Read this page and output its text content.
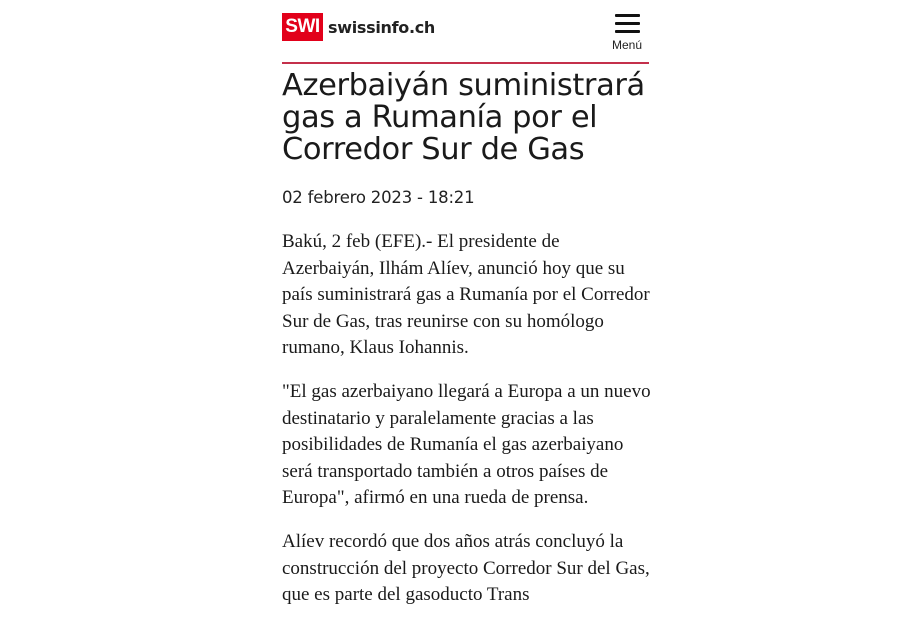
SWI swissinfo.ch
Menú
Azerbaiyán suministrará gas a Rumanía por el Corredor Sur de Gas
02 febrero 2023 - 18:21

Bakú, 2 feb (EFE).- El presidente de Azerbaiyán, Ilhám Alíev, anunció hoy que su país suministrará gas a Rumanía por el Corredor Sur de Gas, tras reunirse con su homólogo rumano, Klaus Iohannis.

"El gas azerbaiyano llegará a Europa a un nuevo destinatario y paralelamente gracias a las posibilidades de Rumanía el gas azerbaiyano será transportado también a otros países de Europa", afirmó en una rueda de prensa.

Alíev recordó que dos años atrás concluyó la construcción del proyecto Corredor Sur del Gas, que es parte del gasoducto Trans
